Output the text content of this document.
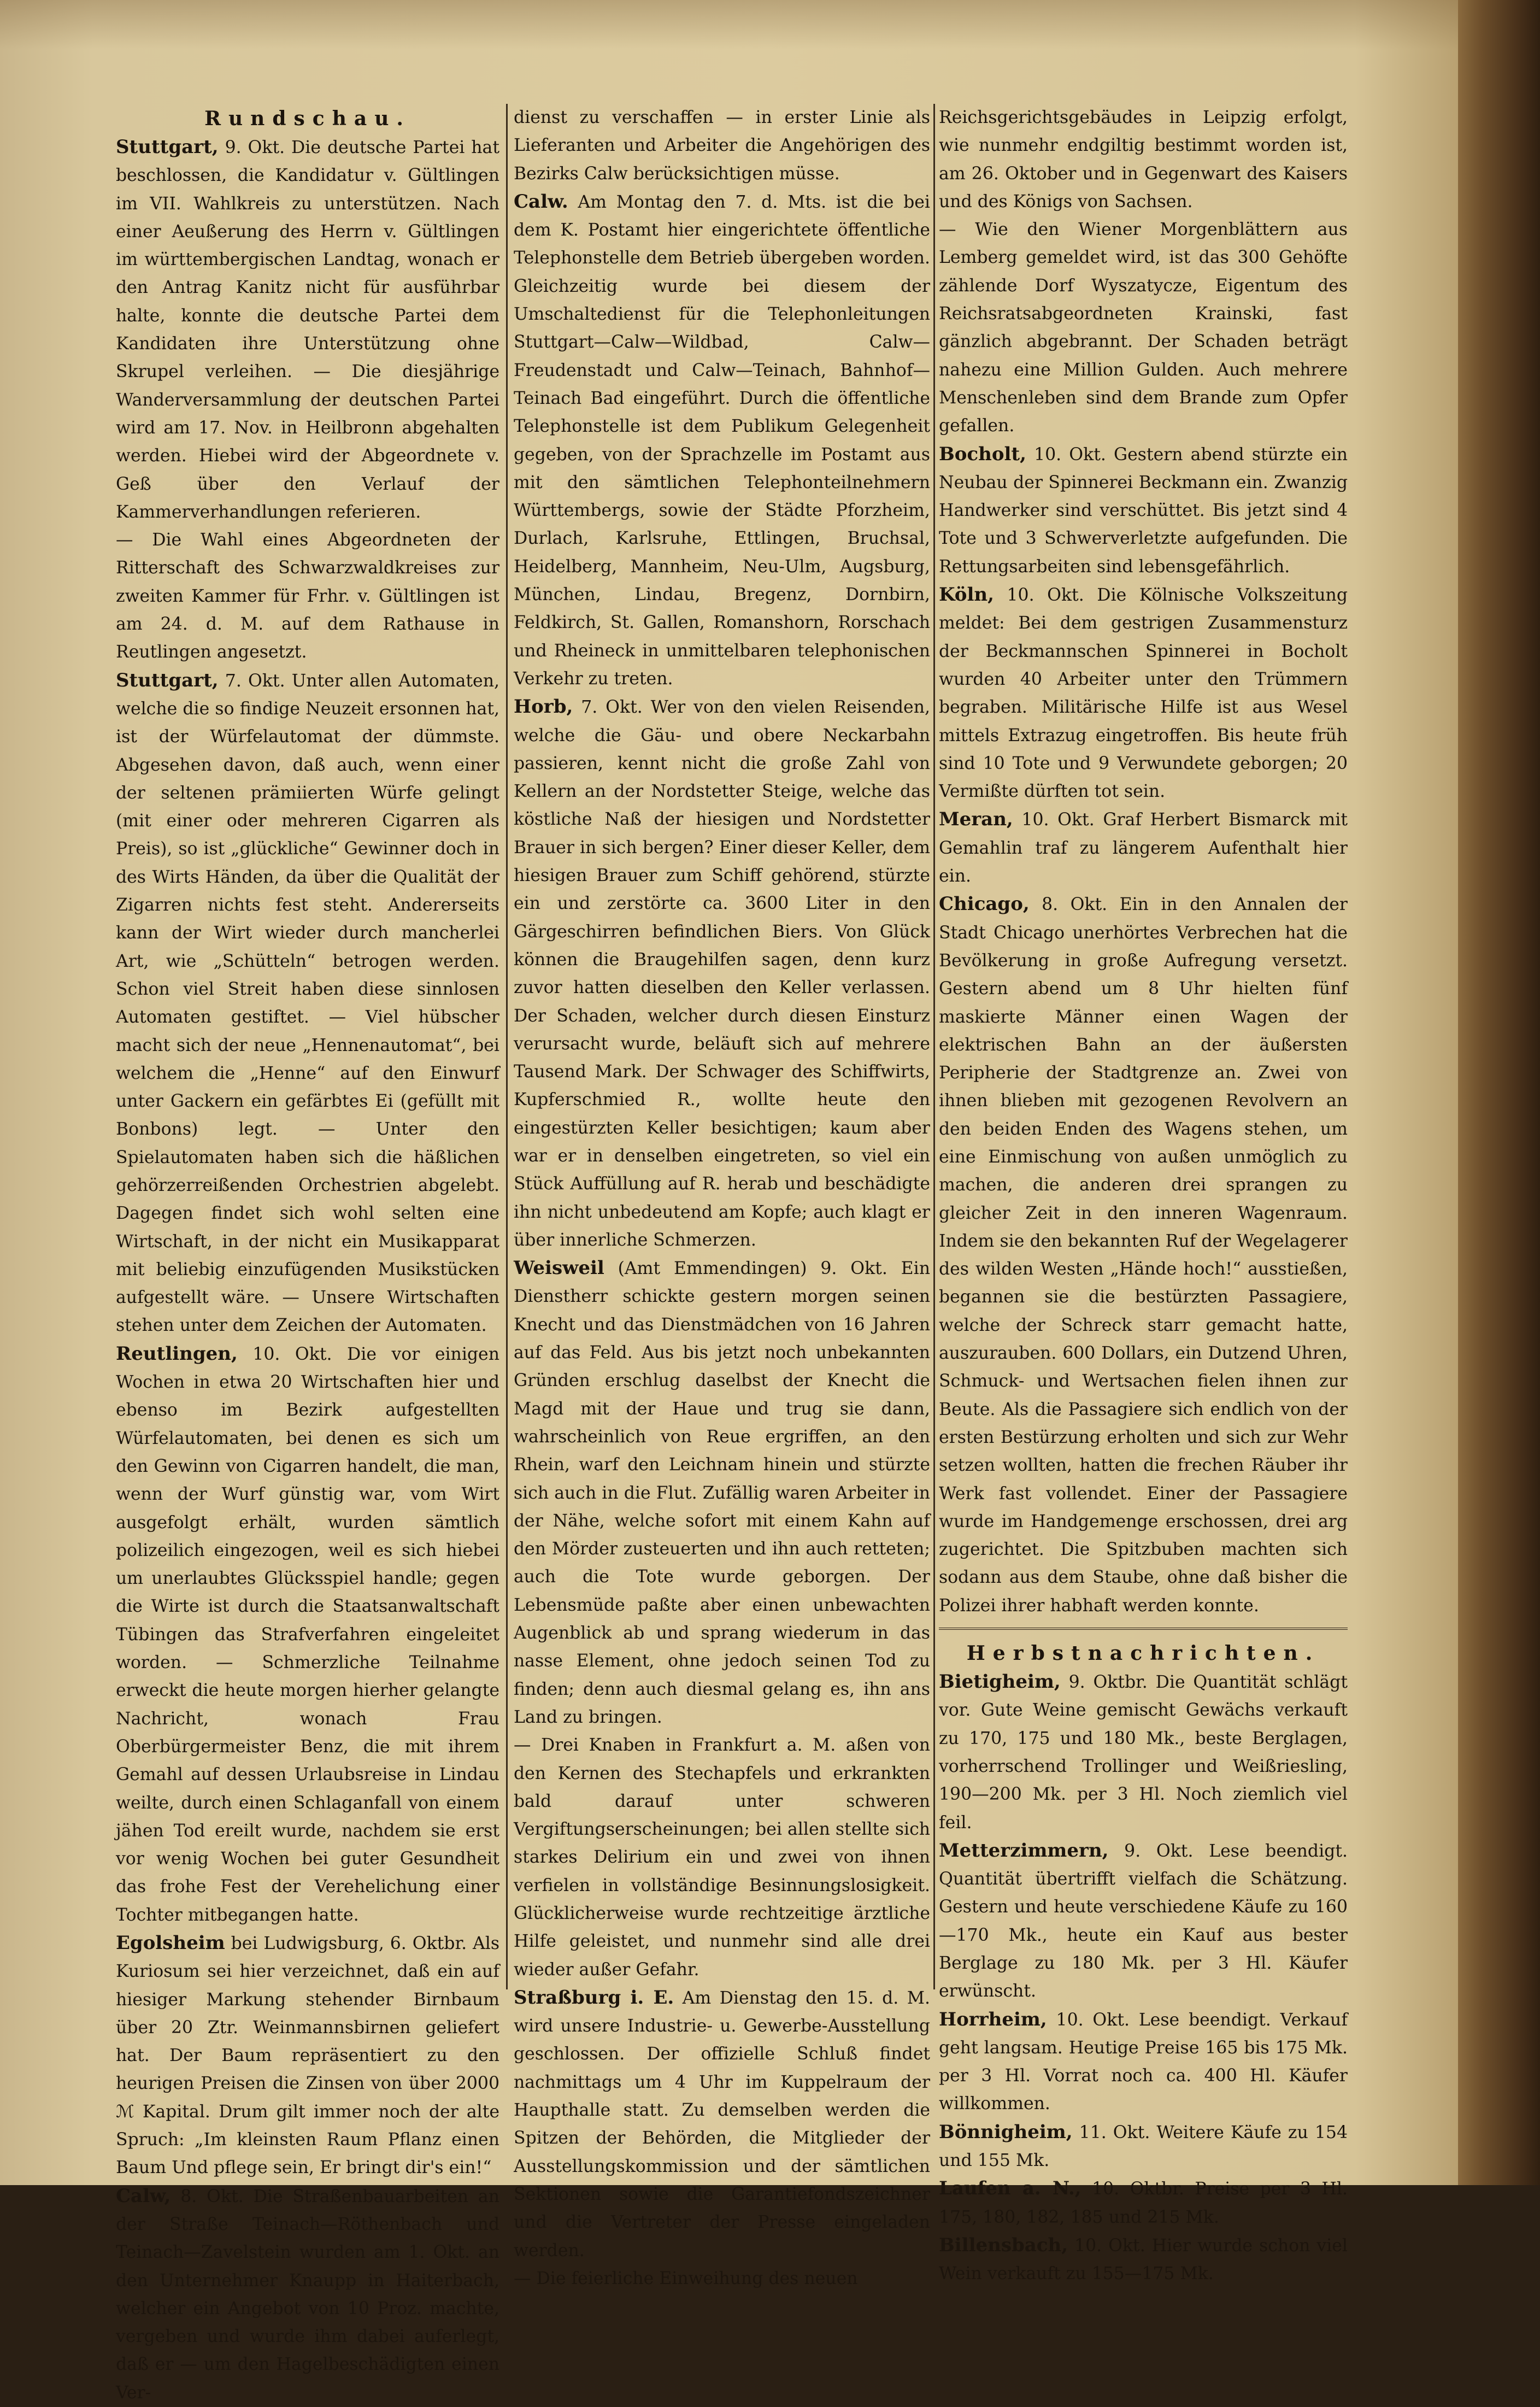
Rundschau.

Stuttgart, 9. Okt. Die deutsche Partei hat beschlossen, die Kandidatur v. Gültlingen im VII. Wahlkreis zu unterstützen. Nach einer Aeußerung des Herrn v. Gültlingen im württembergischen Landtag, wonach er den Antrag Kanitz nicht für ausführbar halte, konnte die deutsche Partei dem Kandidaten ihre Unterstützung ohne Skrupel verleihen. — Die diesjährige Wanderversammlung der deutschen Partei wird am 17. Nov. in Heilbronn abgehalten werden. Hiebei wird der Abgeordnete v. Geß über den Verlauf der Kammerverhandlungen referieren.

— Die Wahl eines Abgeordneten der Ritterschaft des Schwarzwaldkreises zur zweiten Kammer für Frhr. v. Gültlingen ist am 24. d. M. auf dem Rathause in Reutlingen angesetzt.

Stuttgart, 7. Okt. Unter allen Automaten, welche die so findige Neuzeit ersonnen hat, ist der Würfelautomat der dümmste. Abgesehen davon, daß auch, wenn einer der seltenen prämiierten Würfe gelingt (mit einer oder mehreren Cigarren als Preis), so ist „glückliche“ Gewinner doch in des Wirts Händen, da über die Qualität der Zigarren nichts fest steht. Andererseits kann der Wirt wieder durch mancherlei Art, wie „Schütteln“ betrogen werden. Schon viel Streit haben diese sinnlosen Automaten gestiftet. — Viel hübscher macht sich der neue „Hennenautomat“, bei welchem die „Henne“ auf den Einwurf unter Gackern ein gefärbtes Ei (gefüllt mit Bonbons) legt. — Unter den Spielautomaten haben sich die häßlichen gehörzerreißenden Orchestrien abgelebt. Dagegen findet sich wohl selten eine Wirtschaft, in der nicht ein Musikapparat mit beliebig einzufügenden Musikstücken aufgestellt wäre. — Unsere Wirtschaften stehen unter dem Zeichen der Automaten.

Reutlingen, 10. Okt. Die vor einigen Wochen in etwa 20 Wirtschaften hier und ebenso im Bezirk aufgestellten Würfelautomaten, bei denen es sich um den Gewinn von Cigarren handelt, die man, wenn der Wurf günstig war, vom Wirt ausgefolgt erhält, wurden sämtlich polizeilich eingezogen, weil es sich hiebei um unerlaubtes Glücksspiel handle; gegen die Wirte ist durch die Staatsanwaltschaft Tübingen das Strafverfahren eingeleitet worden. — Schmerzliche Teilnahme erweckt die heute morgen hierher gelangte Nachricht, wonach Frau Oberbürgermeister Benz, die mit ihrem Gemahl auf dessen Urlaubsreise in Lindau weilte, durch einen Schlaganfall von einem jähen Tod ereilt wurde, nachdem sie erst vor wenig Wochen bei guter Gesundheit das frohe Fest der Verehelichung einer Tochter mitbegangen hatte.

Egolsheim bei Ludwigsburg, 6. Oktbr. Als Kuriosum sei hier verzeichnet, daß ein auf hiesiger Markung stehender Birnbaum über 20 Ztr. Weinmannsbirnen geliefert hat. Der Baum repräsentiert zu den heurigen Preisen die Zinsen von über 2000 ℳ Kapital. Drum gilt immer noch der alte Spruch: „Im kleinsten Raum Pflanz einen Baum Und pflege sein, Er bringt dir's ein!“

Calw, 8. Okt. Die Straßenbauarbeiten an der Straße Teinach—Röthenbach und Teinach—Zavelstein wurden am 1. Okt. an den Unternehmer Knaupp in Haiterbach, welcher ein Angebot von 10 Proz. machte, vergeben und wurde ihm dabei auferlegt, daß er — um den Hagelbeschädigten einen Ver-

dienst zu verschaffen — in erster Linie als Lieferanten und Arbeiter die Angehörigen des Bezirks Calw berücksichtigen müsse.

Calw. Am Montag den 7. d. Mts. ist die bei dem K. Postamt hier eingerichtete öffentliche Telephonstelle dem Betrieb übergeben worden. Gleichzeitig wurde bei diesem der Umschaltedienst für die Telephonleitungen Stuttgart—Calw—Wildbad, Calw—Freudenstadt und Calw—Teinach, Bahnhof—Teinach Bad eingeführt. Durch die öffentliche Telephonstelle ist dem Publikum Gelegenheit gegeben, von der Sprachzelle im Postamt aus mit den sämtlichen Telephonteilnehmern Württembergs, sowie der Städte Pforzheim, Durlach, Karlsruhe, Ettlingen, Bruchsal, Heidelberg, Mannheim, Neu-Ulm, Augsburg, München, Lindau, Bregenz, Dornbirn, Feldkirch, St. Gallen, Romanshorn, Rorschach und Rheineck in unmittelbaren telephonischen Verkehr zu treten.

Horb, 7. Okt. Wer von den vielen Reisenden, welche die Gäu- und obere Neckarbahn passieren, kennt nicht die große Zahl von Kellern an der Nordstetter Steige, welche das köstliche Naß der hiesigen und Nordstetter Brauer in sich bergen? Einer dieser Keller, dem hiesigen Brauer zum Schiff gehörend, stürzte ein und zerstörte ca. 3600 Liter in den Gärgeschirren befindlichen Biers. Von Glück können die Braugehilfen sagen, denn kurz zuvor hatten dieselben den Keller verlassen. Der Schaden, welcher durch diesen Einsturz verursacht wurde, beläuft sich auf mehrere Tausend Mark. Der Schwager des Schiffwirts, Kupferschmied R., wollte heute den eingestürzten Keller besichtigen; kaum aber war er in denselben eingetreten, so viel ein Stück Auffüllung auf R. herab und beschädigte ihn nicht unbedeutend am Kopfe; auch klagt er über innerliche Schmerzen.

Weisweil (Amt Emmendingen) 9. Okt. Ein Dienstherr schickte gestern morgen seinen Knecht und das Dienstmädchen von 16 Jahren auf das Feld. Aus bis jetzt noch unbekannten Gründen erschlug daselbst der Knecht die Magd mit der Haue und trug sie dann, wahrscheinlich von Reue ergriffen, an den Rhein, warf den Leichnam hinein und stürzte sich auch in die Flut. Zufällig waren Arbeiter in der Nähe, welche sofort mit einem Kahn auf den Mörder zusteuerten und ihn auch retteten; auch die Tote wurde geborgen. Der Lebensmüde paßte aber einen unbewachten Augenblick ab und sprang wiederum in das nasse Element, ohne jedoch seinen Tod zu finden; denn auch diesmal gelang es, ihn ans Land zu bringen.

— Drei Knaben in Frankfurt a. M. aßen von den Kernen des Stechapfels und erkrankten bald darauf unter schweren Vergiftungserscheinungen; bei allen stellte sich starkes Delirium ein und zwei von ihnen verfielen in vollständige Besinnungslosigkeit. Glücklicherweise wurde rechtzeitige ärztliche Hilfe geleistet, und nunmehr sind alle drei wieder außer Gefahr.

Straßburg i. E. Am Dienstag den 15. d. M. wird unsere Industrie- u. Gewerbe-Ausstellung geschlossen. Der offizielle Schluß findet nachmittags um 4 Uhr im Kuppelraum der Haupthalle statt. Zu demselben werden die Spitzen der Behörden, die Mitglieder der Ausstellungskommission und der sämtlichen Sektionen sowie die Garantiefondszeichner und die Vertreter der Presse eingeladen werden.

— Die feierliche Einweihung des neuen

Reichsgerichtsgebäudes in Leipzig erfolgt, wie nunmehr endgiltig bestimmt worden ist, am 26. Oktober und in Gegenwart des Kaisers und des Königs von Sachsen.

— Wie den Wiener Morgenblättern aus Lemberg gemeldet wird, ist das 300 Gehöfte zählende Dorf Wyszatycze, Eigentum des Reichsratsabgeordneten Krainski, fast gänzlich abgebrannt. Der Schaden beträgt nahezu eine Million Gulden. Auch mehrere Menschenleben sind dem Brande zum Opfer gefallen.

Bocholt, 10. Okt. Gestern abend stürzte ein Neubau der Spinnerei Beckmann ein. Zwanzig Handwerker sind verschüttet. Bis jetzt sind 4 Tote und 3 Schwerverletzte aufgefunden. Die Rettungsarbeiten sind lebensgefährlich.

Köln, 10. Okt. Die Kölnische Volkszeitung meldet: Bei dem gestrigen Zusammensturz der Beckmannschen Spinnerei in Bocholt wurden 40 Arbeiter unter den Trümmern begraben. Militärische Hilfe ist aus Wesel mittels Extrazug eingetroffen. Bis heute früh sind 10 Tote und 9 Verwundete geborgen; 20 Vermißte dürften tot sein.

Meran, 10. Okt. Graf Herbert Bismarck mit Gemahlin traf zu längerem Aufenthalt hier ein.

Chicago, 8. Okt. Ein in den Annalen der Stadt Chicago unerhörtes Verbrechen hat die Bevölkerung in große Aufregung versetzt. Gestern abend um 8 Uhr hielten fünf maskierte Männer einen Wagen der elektrischen Bahn an der äußersten Peripherie der Stadtgrenze an. Zwei von ihnen blieben mit gezogenen Revolvern an den beiden Enden des Wagens stehen, um eine Einmischung von außen unmöglich zu machen, die anderen drei sprangen zu gleicher Zeit in den inneren Wagenraum. Indem sie den bekannten Ruf der Wegelagerer des wilden Westen „Hände hoch!“ ausstießen, begannen sie die bestürzten Passagiere, welche der Schreck starr gemacht hatte, auszurauben. 600 Dollars, ein Dutzend Uhren, Schmuck- und Wertsachen fielen ihnen zur Beute. Als die Passagiere sich endlich von der ersten Bestürzung erholten und sich zur Wehr setzen wollten, hatten die frechen Räuber ihr Werk fast vollendet. Einer der Passagiere wurde im Handgemenge erschossen, drei arg zugerichtet. Die Spitzbuben machten sich sodann aus dem Staube, ohne daß bisher die Polizei ihrer habhaft werden konnte.

Herbstnachrichten.

Bietigheim, 9. Oktbr. Die Quantität schlägt vor. Gute Weine gemischt Gewächs verkauft zu 170, 175 und 180 Mk., beste Berglagen, vorherrschend Trollinger und Weißriesling, 190—200 Mk. per 3 Hl. Noch ziemlich viel feil.

Metterzimmern, 9. Okt. Lese beendigt. Quantität übertrifft vielfach die Schätzung. Gestern und heute verschiedene Käufe zu 160—170 Mk., heute ein Kauf aus bester Berglage zu 180 Mk. per 3 Hl. Käufer erwünscht.

Horrheim, 10. Okt. Lese beendigt. Verkauf geht langsam. Heutige Preise 165 bis 175 Mk. per 3 Hl. Vorrat noch ca. 400 Hl. Käufer willkommen.

Bönnigheim, 11. Okt. Weitere Käufe zu 154 und 155 Mk.

Laufen a. N., 10. Oktbr. Preise per 3 Hl. 175, 180, 182, 185 und 215 Mk.

Billensbach, 10. Okt. Hier wurde schon viel Wein verkauft zu 155—175 Mk.
